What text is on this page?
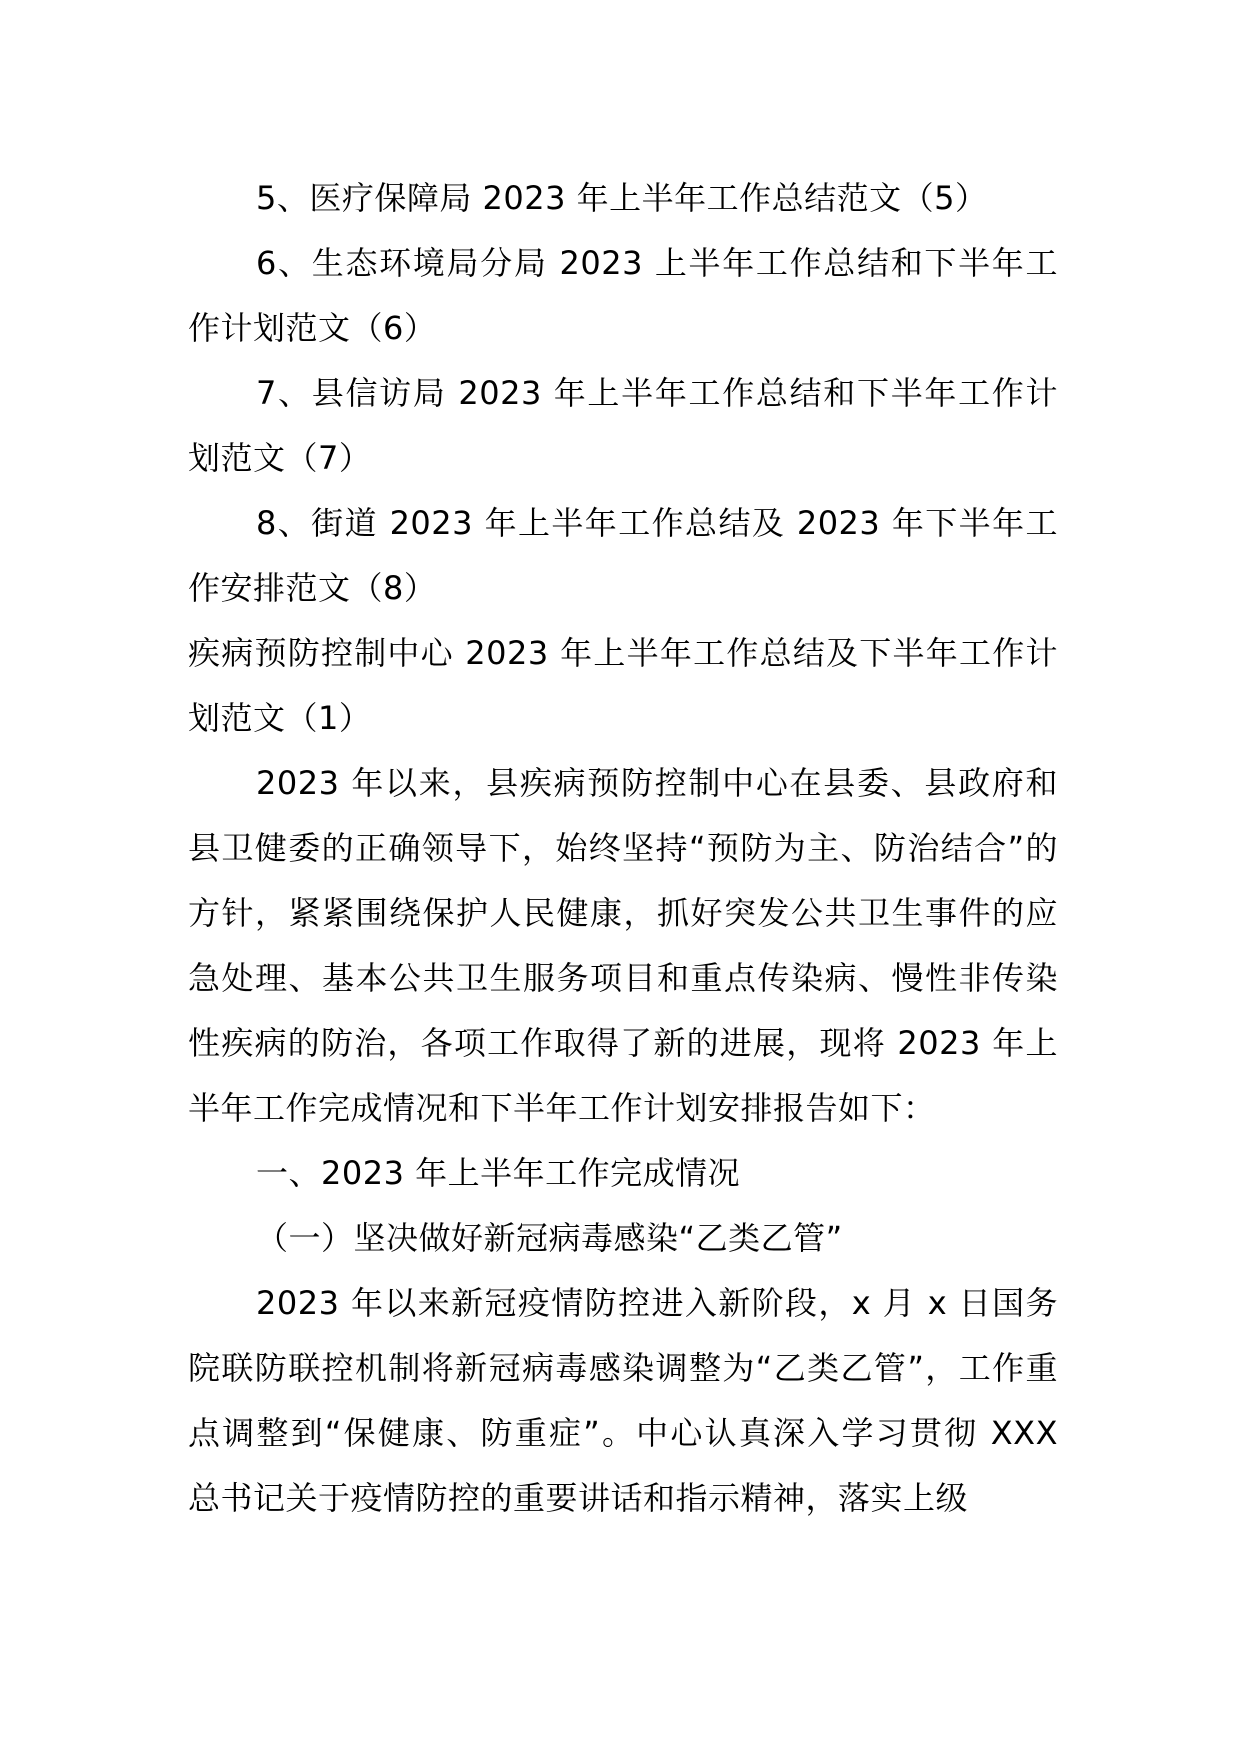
5、医疗保障局 2023 年上半年工作总结范文（5）

6、生态环境局分局 2023 上半年工作总结和下半年工作计划范文（6）

7、县信访局 2023 年上半年工作总结和下半年工作计划范文（7）

8、街道 2023 年上半年工作总结及 2023 年下半年工作安排范文（8）

疾病预防控制中心 2023 年上半年工作总结及下半年工作计划范文（1）

2023 年以来，县疾病预防控制中心在县委、县政府和县卫健委的正确领导下，始终坚持“预防为主、防治结合”的方针，紧紧围绕保护人民健康，抓好突发公共卫生事件的应急处理、基本公共卫生服务项目和重点传染病、慢性非传染性疾病的防治，各项工作取得了新的进展，现将 2023 年上半年工作完成情况和下半年工作计划安排报告如下：

一、2023 年上半年工作完成情况

（一）坚决做好新冠病毒感染“乙类乙管”

2023 年以来新冠疫情防控进入新阶段，x 月 x 日国务院联防联控机制将新冠病毒感染调整为“乙类乙管”，工作重点调整到“保健康、防重症”。中心认真深入学习贯彻 XXX 总书记关于疫情防控的重要讲话和指示精神，落实上级
